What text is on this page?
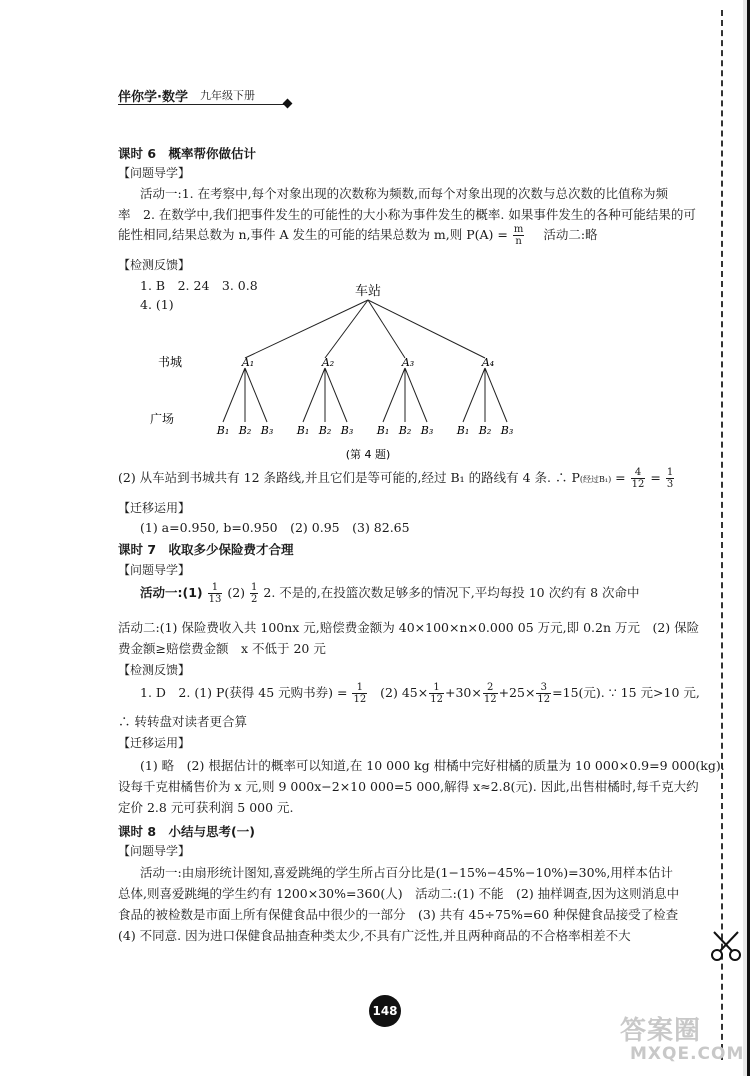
伴你学·数学 九年级下册
课时 6　概率帮你做估计
【问题导学】
活动一:1. 在考察中,每个对象出现的次数称为频数,而每个对象出现的次数与总次数的比值称为频
率　2. 在数学中,我们把事件发生的可能性的大小称为事件发生的概率. 如果事件发生的各种可能结果的可
能性相同,结果总数为 n,事件 A 发生的可能的结果总数为 m,则 $P(A) = \frac{m}{n}$ 活动二:略
【检测反馈】
1. B　2. 24　3. 0.8
4. (1)
车站
书城
广场
A₁	A₂	A₃	A₄
B₁ B₂ B₃ B₁ B₂ B₃ B₁ B₂ B₃ B₁ B₂ B₃
(第 4 题)
(2) 从车站到书城共有 12 条路线,并且它们是等可能的,经过 B₁ 的路线有 4 条. ∴ P(经过$B_1) = \frac{4}{12} = \frac{1}{3}$
【迁移运用】
(1) a=0.950, b=0.950　(2) 0.95　(3) 82.65
课时 7　收取多少保险费才合理
【问题导学】
活动一:(1) $\frac{1}{13} (2) \frac{1}{2} 2$. 不是的,在投篮次数足够多的情况下,平均每投 10 次约有 8 次命中
活动二:(1) 保险费收入共 100nx 元,赔偿费金额为 40×100×n×0.000 05 万元,即 0.2n 万元　(2) 保险
费金额≥赔偿费金额　x 不低于 20 元
【检测反馈】
1. D　2. (1) P(获得 45 元购书券) = $\frac{1}{12} (2)$ $45\times \frac{1}{12} +30\times \frac{2}{12} +25\times \frac{3}{12} =15$(元). ∵ 15 元>10 元,
∴ 转转盘对读者更合算
【迁移运用】
(1) 略　(2) 根据估计的概率可以知道,在 10 000 kg 柑橘中完好柑橘的质量为 10 000×0.9=9 000(kg).
设每千克柑橘售价为 x 元,则 9 000x−2×10 000=5 000,解得 x≈2.8(元). 因此,出售柑橘时,每千克大约
定价 2.8 元可获利润 5 000 元.
课时 8　小结与思考(一)
【问题导学】
活动一:由扇形统计图知,喜爱跳绳的学生所占百分比是(1−15%−45%−10%)=30%,用样本估计
总体,则喜爱跳绳的学生约有 1200×30%=360(人)　活动二:(1) 不能　(2) 抽样调查,因为这则消息中
食品的被检数是市面上所有保健食品中很少的一部分　(3) 共有 45÷75%=60 种保健食品接受了检查
(4) 不同意. 因为进口保健食品抽查种类太少,不具有广泛性,并且两种商品的不合格率相差不大
148
答案圈
MXQE.COM
